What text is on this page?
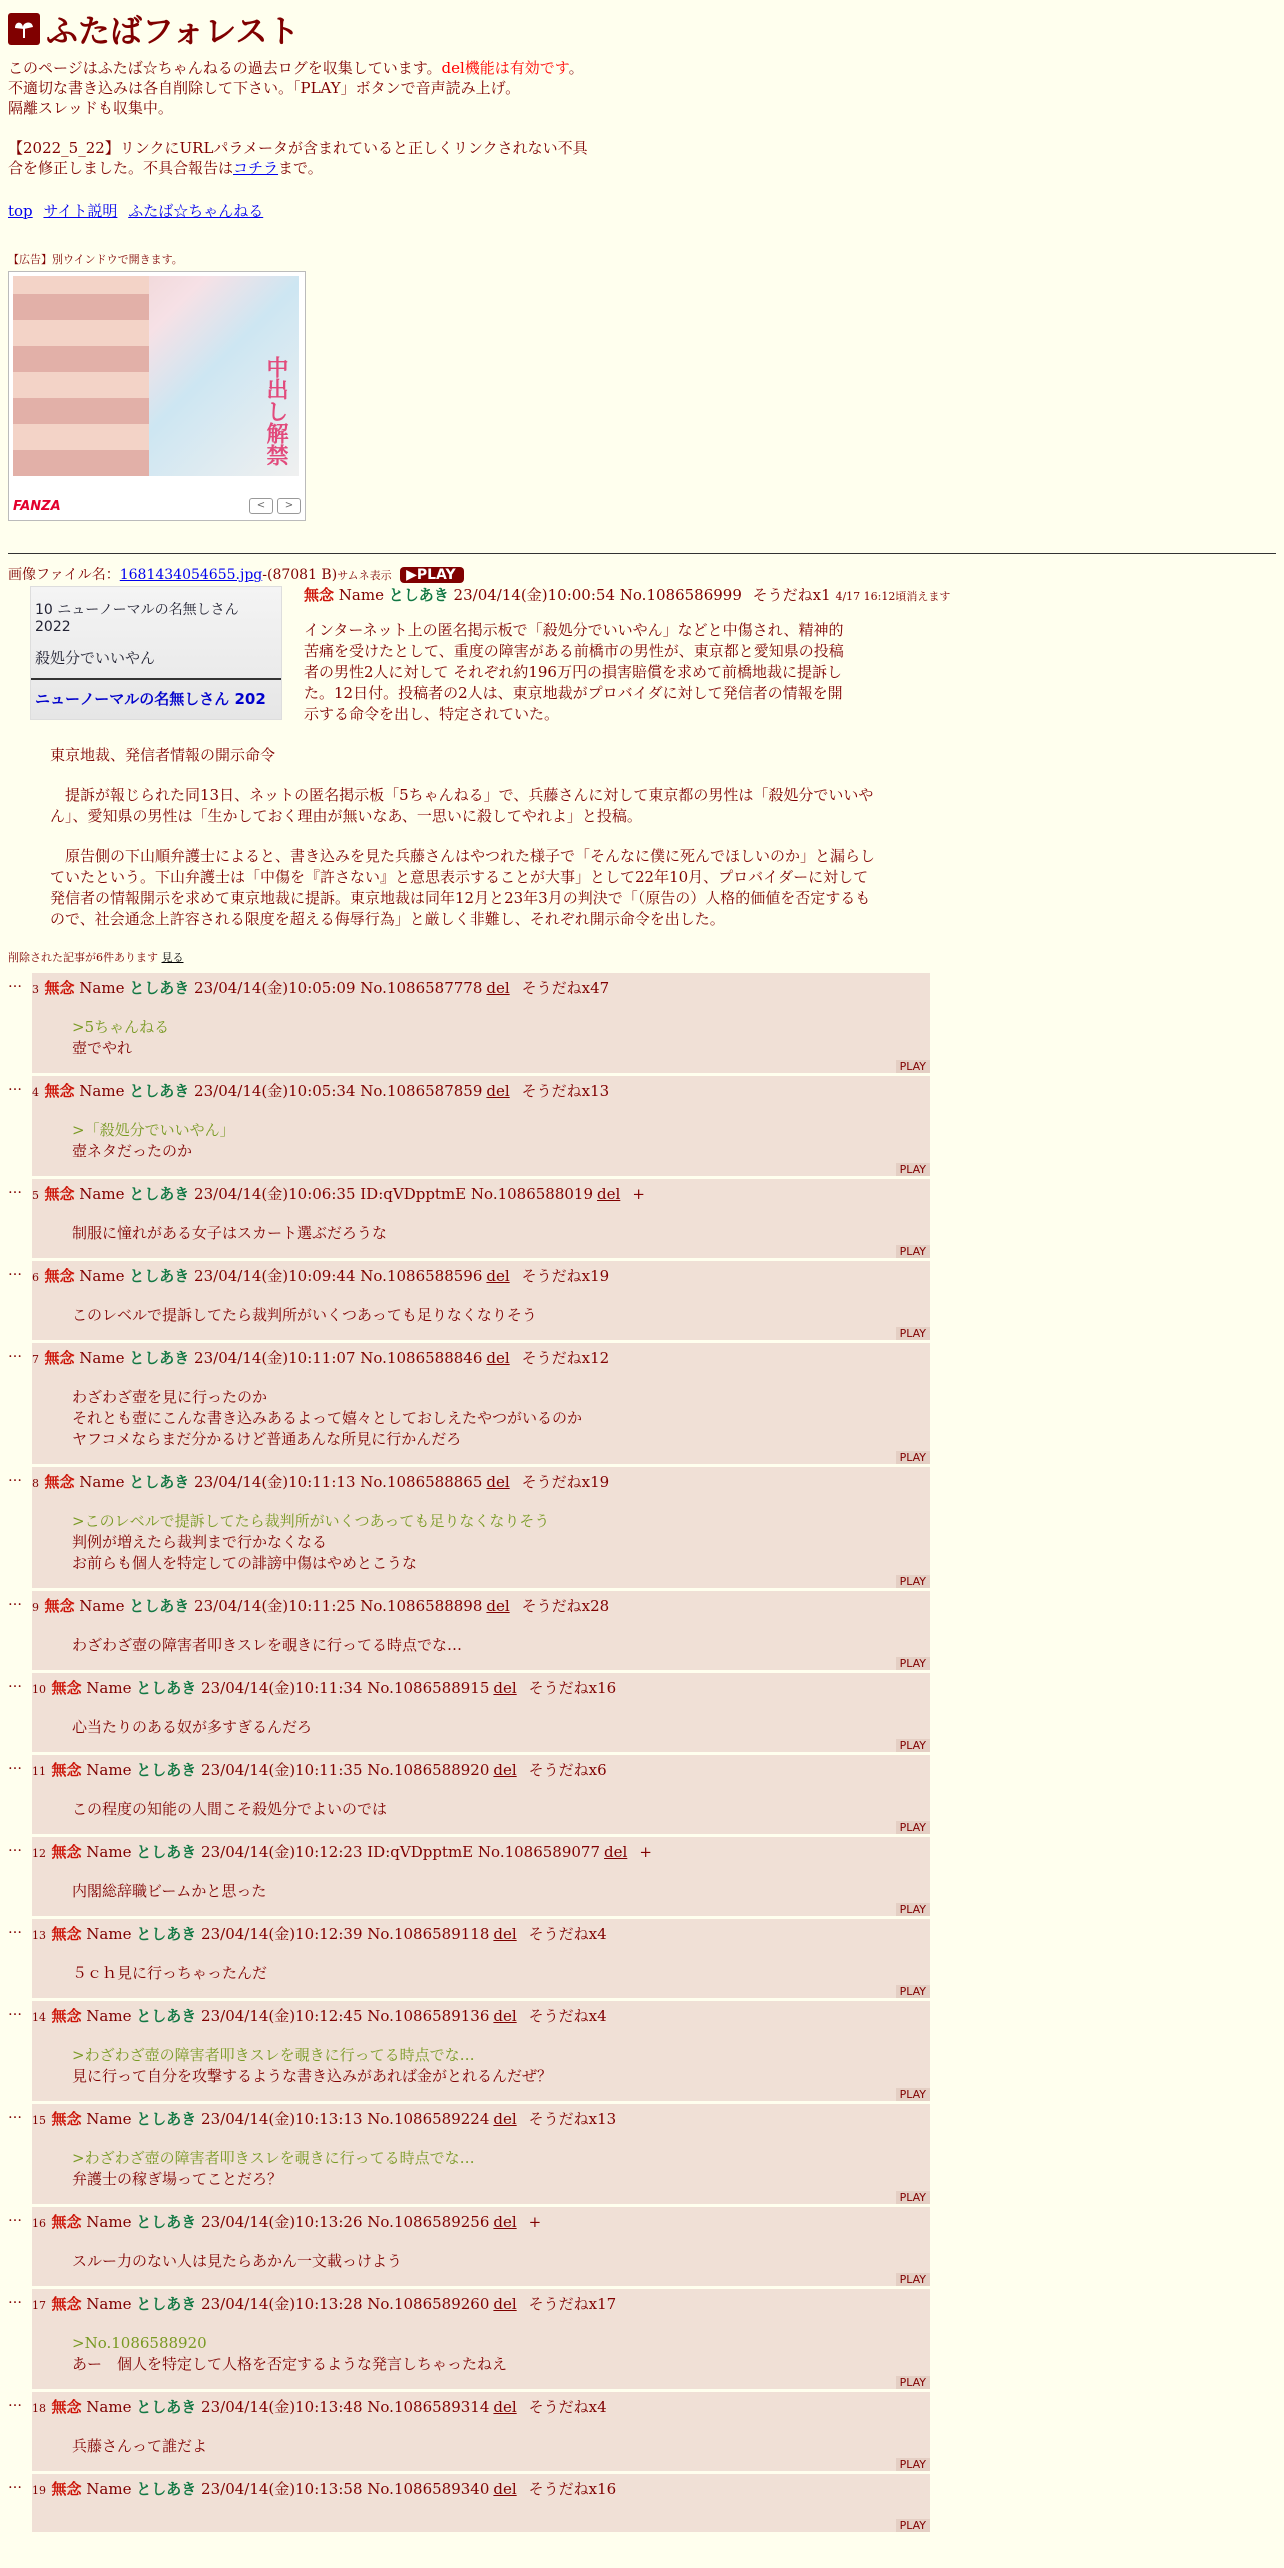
ふたばフォレスト

このページはふたば☆ちゃんねるの過去ログを収集しています。del機能は有効です。不適切な書き込みは各自削除して下さい。「PLAY」ボタンで音声読み上げ。
隔離スレッドも収集中。

【2022_5_22】リンクにURLパラメータが含まれていると正しくリンクされない不具合を修正しました。不具合報告はコチラまで。

top サイト説明 ふたば☆ちゃんねる

【広告】別ウインドウで開きます。

中出し解禁
FANZA	<	>
画像ファイル名：1681434054655.jpg-(87081 B)サムネ表示 ▶PLAY
10 ニューノーマルの名無しさん 2022
殺処分でいいやん
ニューノーマルの名無しさん 202
無念 Name としあき 23/04/14(金)10:00:54 No.1086586999 そうだねx1 4/17 16:12頃消えます
インターネット上の匿名掲示板で「殺処分でいいやん」などと中傷され、精神的苦痛を受けたとして、重度の障害がある前橋市の男性が、東京都と愛知県の投稿者の男性2人に対して それぞれ約196万円の損害賠償を求めて前橋地裁に提訴した。12日付。投稿者の2人は、東京地裁がプロバイダに対して発信者の情報を開示する命令を出し、特定されていた。

東京地裁、発信者情報の開示命令

　提訴が報じられた同13日、ネットの匿名掲示板「5ちゃんねる」で、兵藤さんに対して東京都の男性は「殺処分でいいやん」、愛知県の男性は「生かしておく理由が無いなあ、一思いに殺してやれよ」と投稿。

　原告側の下山順弁護士によると、書き込みを見た兵藤さんはやつれた様子で「そんなに僕に死んでほしいのか」と漏らしていたという。下山弁護士は「中傷を『許さない』と意思表示することが大事」として22年10月、プロバイダーに対して発信者の情報開示を求めて東京地裁に提訴。東京地裁は同年12月と23年3月の判決で「（原告の）人格的価値を否定するもので、社会通念上許容される限度を超える侮辱行為」と厳しく非難し、それぞれ開示命令を出した。

削除された記事が6件あります 見る
… 3 無念 Name としあき 23/04/14(金)10:05:09 No.1086587778 del そうだねx47
>5ちゃんねる
壺でやれ
PLAY
… 4 無念 Name としあき 23/04/14(金)10:05:34 No.1086587859 del そうだねx13
>「殺処分でいいやん」
壺ネタだったのか
PLAY
… 5 無念 Name としあき 23/04/14(金)10:06:35 ID:qVDpptmE No.1086588019 del +
制服に憧れがある女子はスカート選ぶだろうな
PLAY
… 6 無念 Name としあき 23/04/14(金)10:09:44 No.1086588596 del そうだねx19
このレベルで提訴してたら裁判所がいくつあっても足りなくなりそう
PLAY
… 7 無念 Name としあき 23/04/14(金)10:11:07 No.1086588846 del そうだねx12
わざわざ壺を見に行ったのか
それとも壺にこんな書き込みあるよって嬉々としておしえたやつがいるのか
ヤフコメならまだ分かるけど普通あんな所見に行かんだろ
PLAY
… 8 無念 Name としあき 23/04/14(金)10:11:13 No.1086588865 del そうだねx19
>このレベルで提訴してたら裁判所がいくつあっても足りなくなりそう
判例が増えたら裁判まで行かなくなる
お前らも個人を特定しての誹謗中傷はやめとこうな
PLAY
… 9 無念 Name としあき 23/04/14(金)10:11:25 No.1086588898 del そうだねx28
わざわざ壺の障害者叩きスレを覗きに行ってる時点でな…
PLAY
… 10 無念 Name としあき 23/04/14(金)10:11:34 No.1086588915 del そうだねx16
心当たりのある奴が多すぎるんだろ
PLAY
… 11 無念 Name としあき 23/04/14(金)10:11:35 No.1086588920 del そうだねx6
この程度の知能の人間こそ殺処分でよいのでは
PLAY
… 12 無念 Name としあき 23/04/14(金)10:12:23 ID:qVDpptmE No.1086589077 del +
内閣総辞職ビームかと思った
PLAY
… 13 無念 Name としあき 23/04/14(金)10:12:39 No.1086589118 del そうだねx4
５ｃｈ見に行っちゃったんだ
PLAY
… 14 無念 Name としあき 23/04/14(金)10:12:45 No.1086589136 del そうだねx4
>わざわざ壺の障害者叩きスレを覗きに行ってる時点でな…
見に行って自分を攻撃するような書き込みがあれば金がとれるんだぜ？
PLAY
… 15 無念 Name としあき 23/04/14(金)10:13:13 No.1086589224 del そうだねx13
>わざわざ壺の障害者叩きスレを覗きに行ってる時点でな…
弁護士の稼ぎ場ってことだろ？
PLAY
… 16 無念 Name としあき 23/04/14(金)10:13:26 No.1086589256 del +
スルー力のない人は見たらあかん一文載っけよう
PLAY
… 17 無念 Name としあき 23/04/14(金)10:13:28 No.1086589260 del そうだねx17
>No.1086588920
あー　個人を特定して人格を否定するような発言しちゃったねえ
PLAY
… 18 無念 Name としあき 23/04/14(金)10:13:48 No.1086589314 del そうだねx4
兵藤さんって誰だよ
PLAY
… 19 無念 Name としあき 23/04/14(金)10:13:58 No.1086589340 del そうだねx16
PLAY
